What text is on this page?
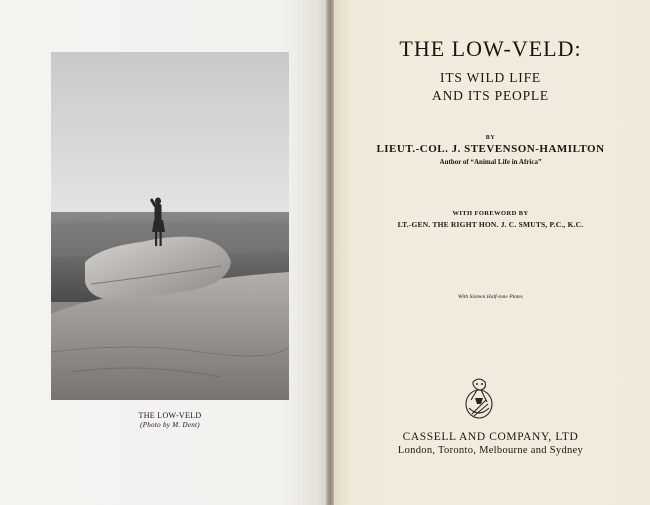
THE LOW-VELD
(Photo by M. Dent)
THE LOW-VELD:
ITS WILD LIFE
AND ITS PEOPLE
BY
LIEUT.-COL. J. STEVENSON-HAMILTON
Author of “Animal Life in Africa”
WITH FOREWORD BY
LT.-GEN. THE RIGHT HON. J. C. SMUTS, P.C., K.C.
With Sixteen Half-tone Plates
CASSELL AND COMPANY, LTD
London, Toronto, Melbourne and Sydney
